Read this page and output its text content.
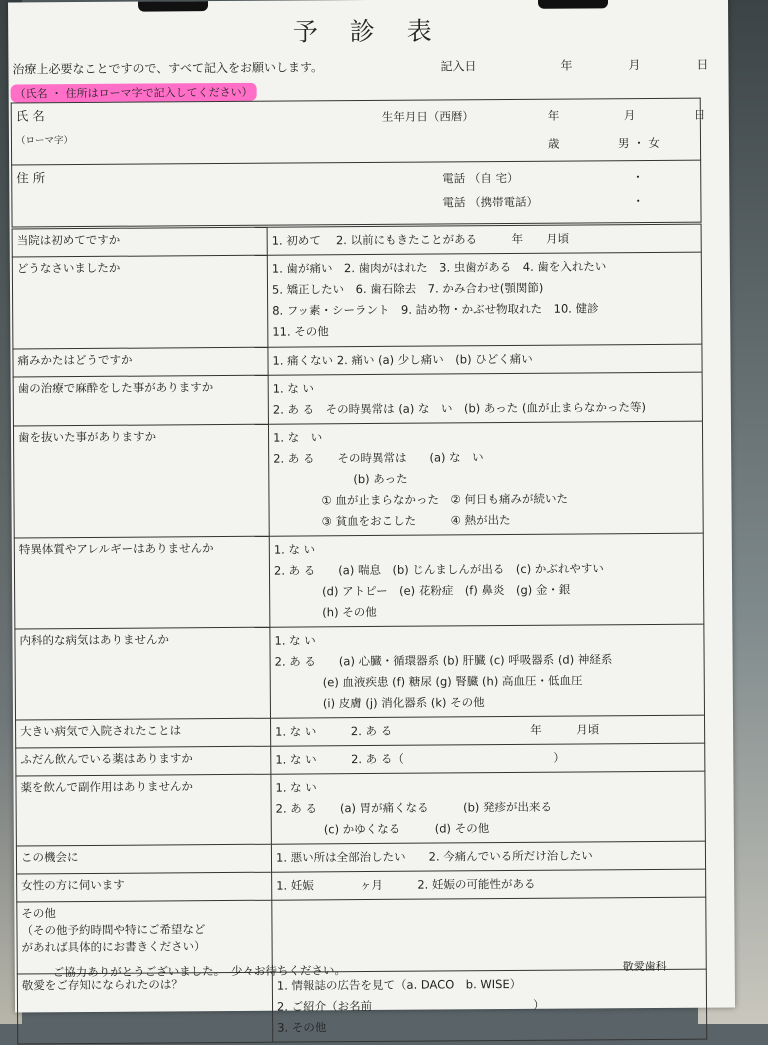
予 診 表
治療上必要なことですので、すべて記入をお願いします。	記入日	年	月	日
（氏名 ・ 住所はローマ字で記入してください）
氏 名
（ローマ字）
生年月日（西暦）	年	月	日
歳	男 ・ 女

住 所	電話 （自 宅）	・
電話 （携帯電話）	・
当院は初めてですか	1. 初めて　 2. 以前にもきたことがある　　　年　　月頃

どうなさいましたか	1. 歯が痛い　2. 歯肉がはれた　3. 虫歯がある　4. 歯を入れたい
5. 矯正したい　6. 歯石除去　7. かみ合わせ(顎関節)
8. フッ素・シーラント　9. 詰め物・かぶせ物取れた　10. 健診
11. その他

痛みかたはどうですか	1. 痛くない 2. 痛い (a) 少し痛い　(b) ひどく痛い

歯の治療で麻酔をした事がありますか	1. な い
2. あ る　その時異常は (a) な　い　(b) あった (血が止まらなかった等)

歯を抜いた事がありますか	1. な　い
2. あ る　　その時異常は　　(a) な　い
(b) あった
① 血が止まらなかった　② 何日も痛みが続いた
③ 貧血をおこした　　　④ 熱が出た

特異体質やアレルギーはありませんか	1. な い
2. あ る　　(a) 喘息　(b) じんましんが出る　(c) かぶれやすい
(d) アトピー　(e) 花粉症　(f) 鼻炎　(g) 金・銀
(h) その他

内科的な病気はありませんか	1. な い
2. あ る　　(a) 心臓・循環器系 (b) 肝臓 (c) 呼吸器系 (d) 神経系
(e) 血液疾患 (f) 糖尿 (g) 腎臓 (h) 高血圧・低血圧
(i) 皮膚 (j) 消化器系 (k) その他

大きい病気で入院されたことは	1. な い　　　2. あ る　　　　　　　　　　　　年　　　月頃

ふだん飲んでいる薬はありますか	1. な い　　　2. あ る（　　　　　　　　　　　　　）

薬を飲んで副作用はありませんか	1. な い
2. あ る　　(a) 胃が痛くなる　　　(b) 発疹が出来る
(c) かゆくなる　　　(d) その他

この機会に	1. 悪い所は全部治したい　　2. 今痛んでいる所だけ治したい

女性の方に伺います	1. 妊娠　　　　ヶ月　　　2. 妊娠の可能性がある

その他
（その他予約時間や特にご希望など
があれば具体的にお書きください）	

敬愛をご存知になられたのは？	1. 情報誌の広告を見て（a. DACO　b. WISE）
2. ご紹介（お名前　　　　　　　　　　　　　　）
3. その他
ご協力ありがとうございました。　少々お待ちください。	敬愛歯科
